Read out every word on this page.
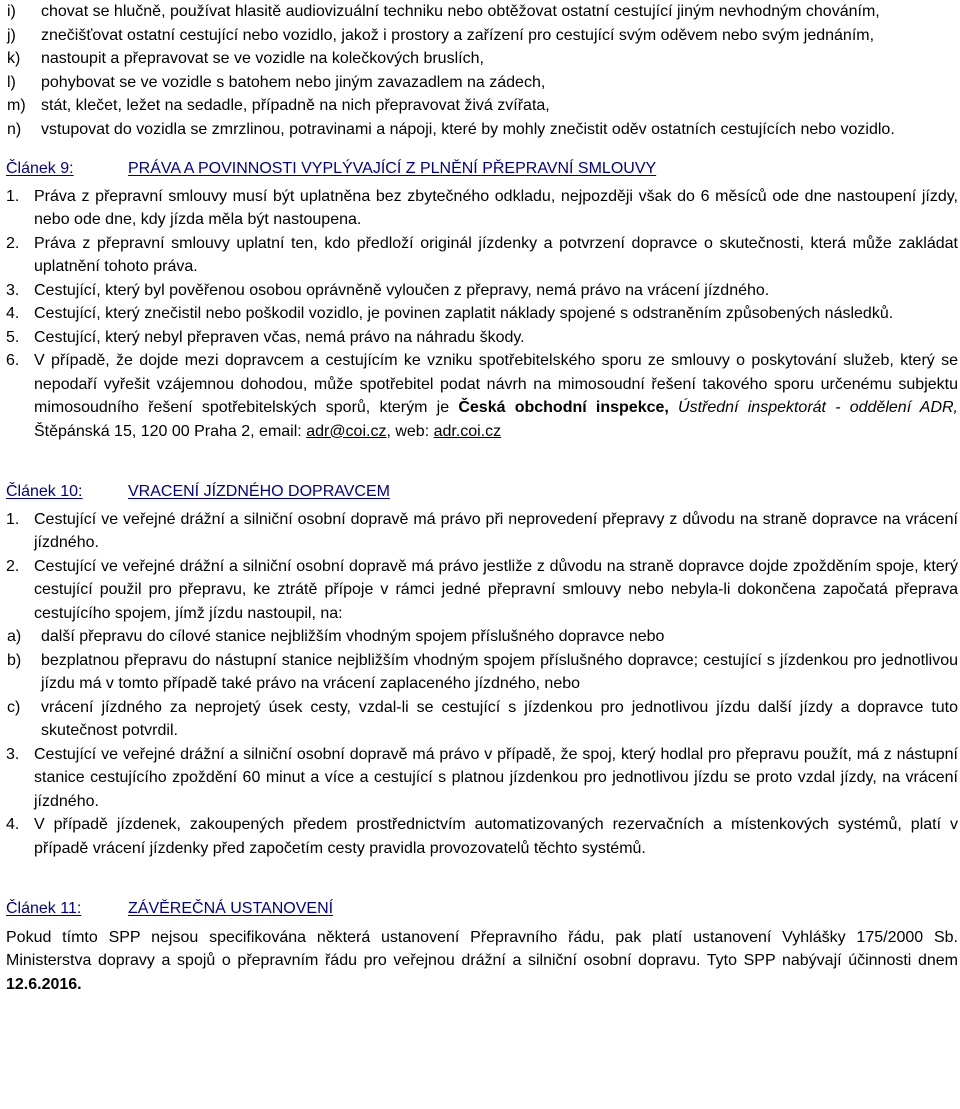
i)	chovat se hlučně, používat hlasitě audiovizuální techniku nebo obtěžovat ostatní cestující jiným nevhodným chováním,
j)	znečišťovat ostatní cestující nebo vozidlo, jakož i prostory a zařízení pro cestující svým oděvem nebo svým jednáním,
k)	nastoupit a přepravovat se ve vozidle na kolečkových bruslích,
l)	pohybovat se ve vozidle s batohem nebo jiným zavazadlem na zádech,
m) stát, klečet, ležet na sedadle, případně na nich přepravovat živá zvířata,
n)	vstupovat do vozidla se zmrzlinou, potravinami a nápoji, které by mohly znečistit oděv ostatních cestujících nebo vozidlo.
Článek 9:	PRÁVA A POVINNOSTI VYPLÝVAJÍCÍ Z PLNĚNÍ PŘEPRAVNÍ SMLOUVY
1. Práva z přepravní smlouvy musí být uplatněna bez zbytečného odkladu, nejpozději však do 6 měsíců ode dne nastoupení jízdy, nebo ode dne, kdy jízda měla být nastoupena.
2. Práva z přepravní smlouvy uplatní ten, kdo předloží originál jízdenky a potvrzení dopravce o skutečnosti, která může zakládat uplatnění tohoto práva.
3. Cestující, který byl pověřenou osobou oprávněně vyloučen z přepravy, nemá právo na vrácení jízdného.
4. Cestující, který znečistil nebo poškodil vozidlo, je povinen zaplatit náklady spojené s odstraněním způsobených následků.
5. Cestující, který nebyl přepraven včas, nemá právo na náhradu škody.
6. V případě, že dojde mezi dopravcem a cestujícím ke vzniku spotřebitelského sporu ze smlouvy o poskytování služeb, který se nepodaří vyřešit vzájemnou dohodou, může spotřebitel podat návrh na mimosoudní řešení takového sporu určenému subjektu mimosoudního řešení spotřebitelských sporů, kterým je Česká obchodní inspekce, Ústřední inspektorát - oddělení ADR, Štěpánská 15, 120 00 Praha 2, email: adr@coi.cz, web: adr.coi.cz
Článek 10:	VRACENÍ JÍZDNÉHO DOPRAVCEM
1. Cestující ve veřejné drážní a silniční osobní dopravě má právo při neprovedení přepravy z důvodu na straně dopravce na vrácení jízdného.
2. Cestující ve veřejné drážní a silniční osobní dopravě má právo jestliže z důvodu na straně dopravce dojde zpožděním spoje, který cestující použil pro přepravu, ke ztrátě přípoje v rámci jedné přepravní smlouvy nebo nebyla-li dokončena započatá přeprava cestujícího spojem, jímž jízdu nastoupil, na:
a)	další přepravu do cílové stanice nejbližším vhodným spojem příslušného dopravce nebo
b)	bezplatnou přepravu do nástupní stanice nejbližším vhodným spojem příslušného dopravce; cestující s jízdenkou pro jednotlivou jízdu má v tomto případě také právo na vrácení zaplaceného jízdného, nebo
c)	vrácení jízdného za neprojetý úsek cesty, vzdal-li se cestující s jízdenkou pro jednotlivou jízdu další jízdy a dopravce tuto skutečnost potvrdil.
3. Cestující ve veřejné drážní a silniční osobní dopravě má právo v případě, že spoj, který hodlal pro přepravu použít, má z nástupní stanice cestujícího zpoždění 60 minut a více a cestující s platnou jízdenkou pro jednotlivou jízdu se proto vzdal jízdy, na vrácení jízdného.
4. V případě jízdenek, zakoupených předem prostřednictvím automatizovaných rezervačních a místenkových systémů, platí v případě vrácení jízdenky před započetím cesty pravidla provozovatelů těchto systémů.
Článek 11:	ZÁVĚREČNÁ USTANOVENÍ
Pokud tímto SPP nejsou specifikována některá ustanovení Přepravního řádu, pak platí ustanovení Vyhlášky 175/2000 Sb. Ministerstva dopravy a spojů o přepravním řádu pro veřejnou drážní a silniční osobní dopravu. Tyto SPP nabývají účinnosti dnem 12.6.2016.
